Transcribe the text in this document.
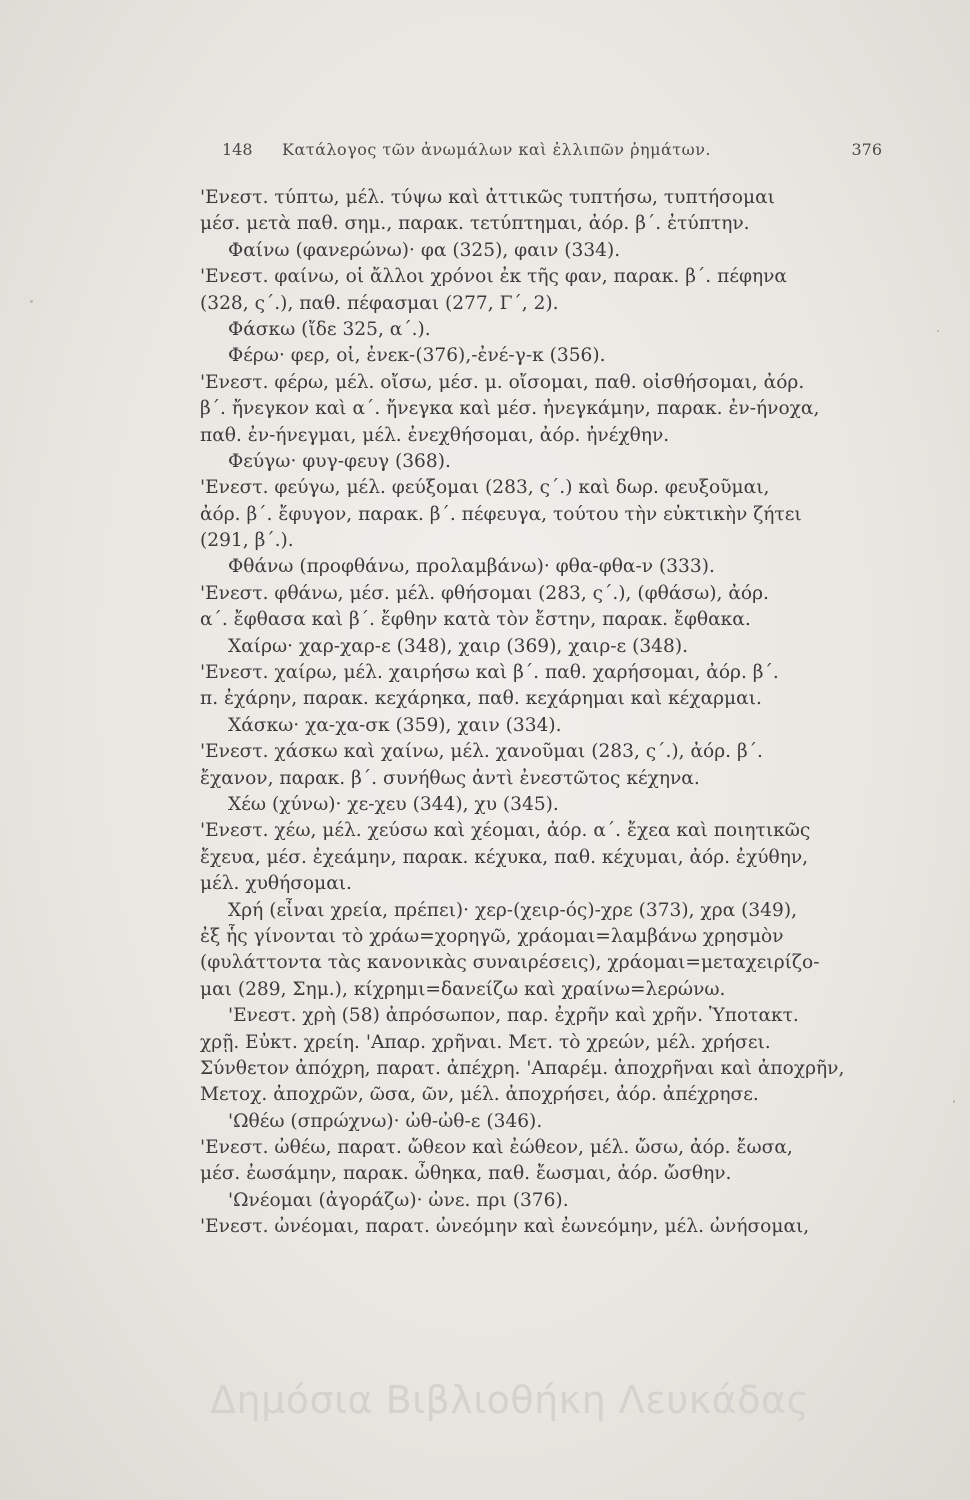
148 Κατάλογος τῶν ἀνωμάλων καὶ ἐλλιπῶν ῥημάτων.	376
'Ενεστ. τύπτω, μέλ. τύψω καὶ ἀττικῶς τυπτήσω, τυπτήσομαι
μέσ. μετὰ παθ. σημ., παρακ. τετύπτημαι, ἀόρ. β΄. ἐτύπτην.
Φαίνω (φανερώνω)· φα (325), φαιν (334).
'Ενεστ. φαίνω, οἱ ἄλλοι χρόνοι ἐκ τῆς φαν, παρακ. β΄. πέφηνα
(328, ς΄.), παθ. πέφασμαι (277, Γ΄, 2).
Φάσκω (ἴδε 325, α΄.).
Φέρω· φερ, οἰ, ἐνεκ-(376),-ἐνέ-γ-κ (356).
'Ενεστ. φέρω, μέλ. οἴσω, μέσ. μ. οἴσομαι, παθ. οἰσθήσομαι, ἀόρ.
β΄. ἤνεγκον καὶ α΄. ἤνεγκα καὶ μέσ. ἠνεγκάμην, παρακ. ἐν-ήνοχα,
παθ. ἐν-ήνεγμαι, μέλ. ἐνεχθήσομαι, ἀόρ. ἠνέχθην.
Φεύγω· φυγ-φευγ (368).
'Ενεστ. φεύγω, μέλ. φεύξομαι (283, ς΄.) καὶ δωρ. φευξοῦμαι,
ἀόρ. β΄. ἔφυγον, παρακ. β΄. πέφευγα, τούτου τὴν εὐκτικὴν ζήτει
(291, β΄.).
Φθάνω (προφθάνω, προλαμβάνω)· φθα-φθα-ν (333).
'Ενεστ. φθάνω, μέσ. μέλ. φθήσομαι (283, ς΄.), (φθάσω), ἀόρ.
α΄. ἔφθασα καὶ β΄. ἔφθην κατὰ τὸν ἔστην, παρακ. ἔφθακα.
Χαίρω· χαρ-χαρ-ε (348), χαιρ (369), χαιρ-ε (348).
'Ενεστ. χαίρω, μέλ. χαιρήσω καὶ β΄. παθ. χαρήσομαι, ἀόρ. β΄.
π. ἐχάρην, παρακ. κεχάρηκα, παθ. κεχάρημαι καὶ κέχαρμαι.
Χάσκω· χα-χα-σκ (359), χαιν (334).
'Ενεστ. χάσκω καὶ χαίνω, μέλ. χανοῦμαι (283, ς΄.), ἀόρ. β΄.
ἔχανον, παρακ. β΄. συνήθως ἀντὶ ἐνεστῶτος κέχηνα.
Χέω (χύνω)· χε-χευ (344), χυ (345).
'Ενεστ. χέω, μέλ. χεύσω καὶ χέομαι, ἀόρ. α΄. ἔχεα καὶ ποιητικῶς
ἔχευα, μέσ. ἐχεάμην, παρακ. κέχυκα, παθ. κέχυμαι, ἀόρ. ἐχύθην,
μέλ. χυθήσομαι.
Χρή (εἶναι χρεία, πρέπει)· χερ-(χειρ-ός)-χρε (373), χρα (349),
ἐξ ἧς γίνονται τὸ χράω=χορηγῶ, χράομαι=λαμβάνω χρησμὸν
(φυλάττοντα τὰς κανονικὰς συναιρέσεις), χράομαι=μεταχειρίζο-
μαι (289, Σημ.), κίχρημι=δανείζω καὶ χραίνω=λερώνω.
'Ενεστ. χρὴ (58) ἀπρόσωπον, παρ. ἐχρῆν καὶ χρῆν. Ὑποτακτ.
χρῇ. Εὐκτ. χρείη. 'Απαρ. χρῆναι. Μετ. τὸ χρεών, μέλ. χρήσει.
Σύνθετον ἀπόχρη, παρατ. ἀπέχρη. 'Απαρέμ. ἀποχρῆναι καὶ ἀποχρῆν,
Μετοχ. ἀποχρῶν, ῶσα, ῶν, μέλ. ἀποχρήσει, ἀόρ. ἀπέχρησε.
'Ωθέω (σπρώχνω)· ὠθ-ὠθ-ε (346).
'Ενεστ. ὠθέω, παρατ. ὤθεον καὶ ἐώθεον, μέλ. ὤσω, ἀόρ. ἔωσα,
μέσ. ἐωσάμην, παρακ. ὦθηκα, παθ. ἔωσμαι, ἀόρ. ὤσθην.
'Ωνέομαι (ἀγοράζω)· ὠνε. πρι (376).
'Ενεστ. ὠνέομαι, παρατ. ὠνεόμην καὶ ἐωνεόμην, μέλ. ὠνήσομαι,
Δημόσια Βιβλιοθήκη Λευκάδας
